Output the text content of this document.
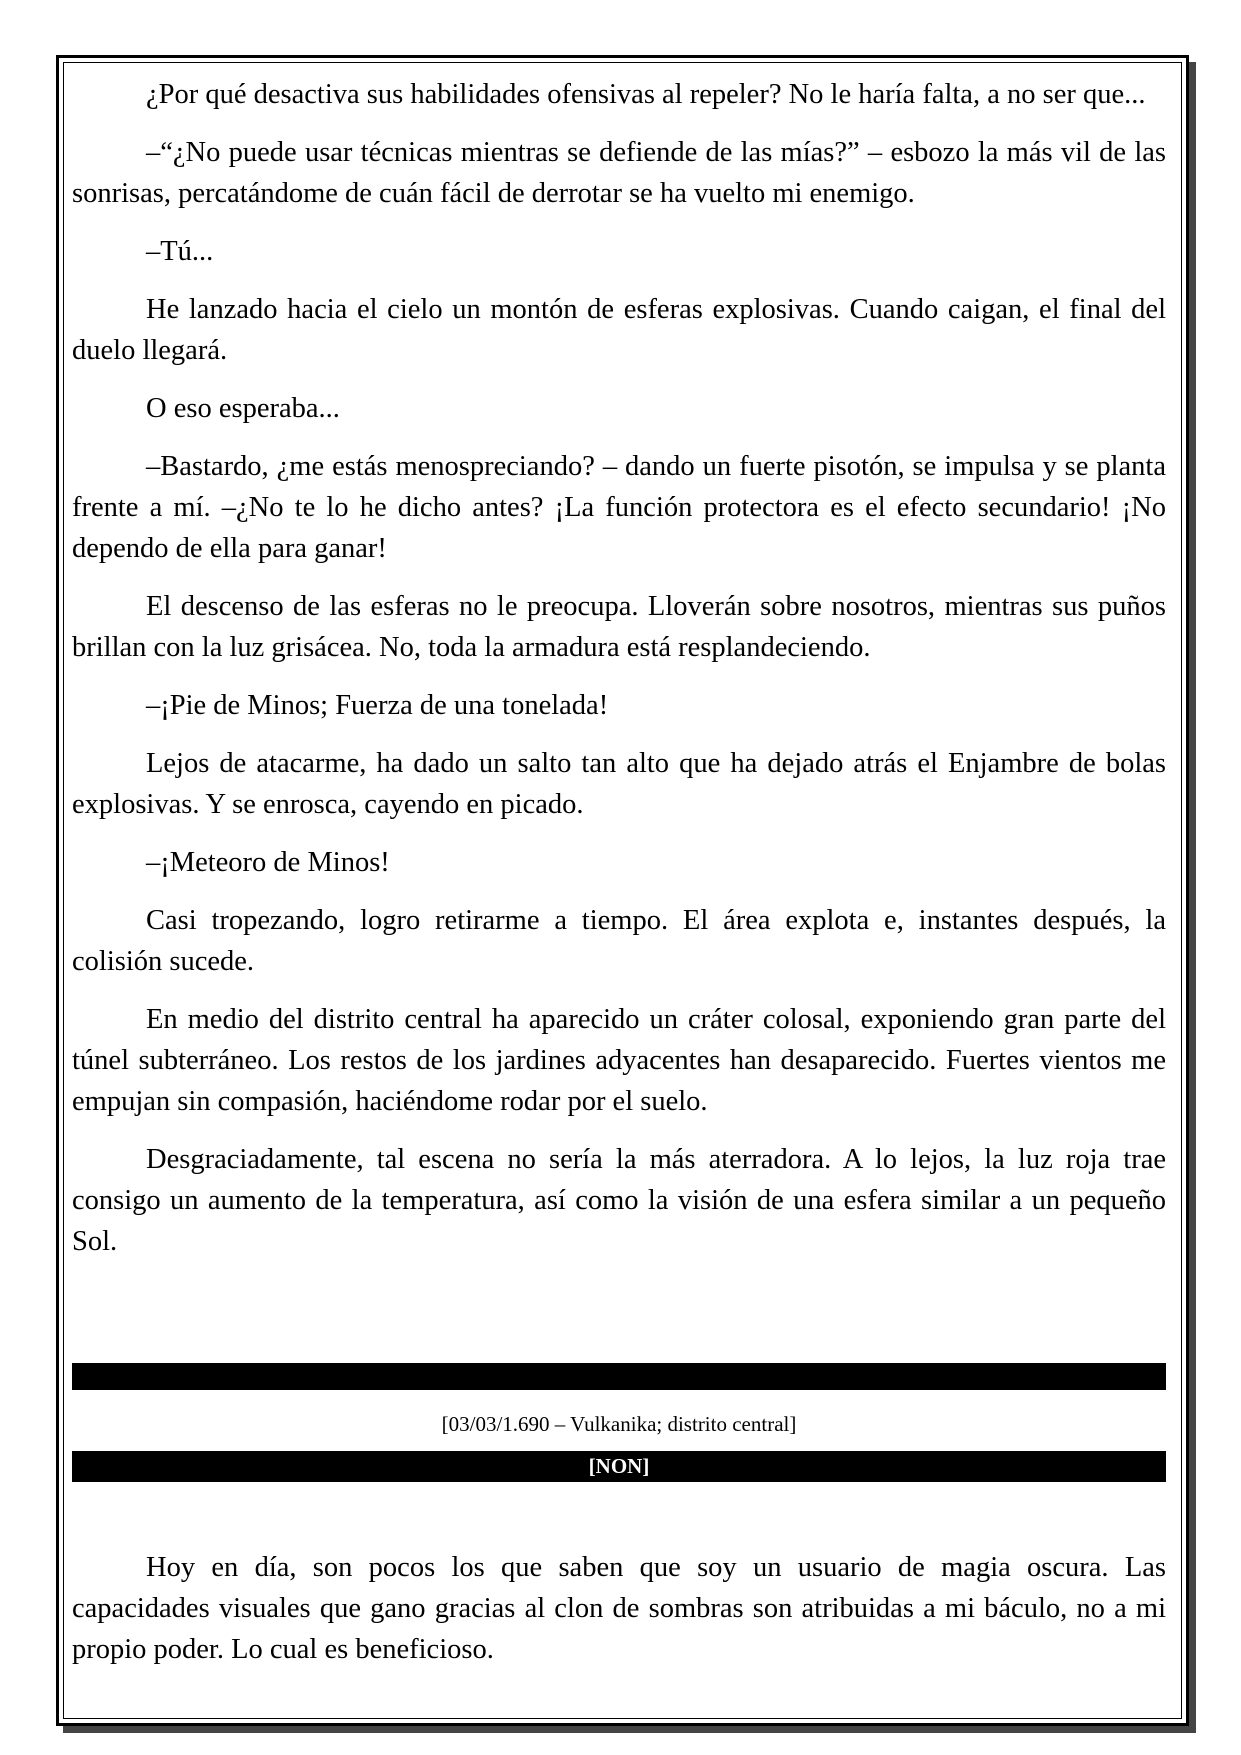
¿Por qué desactiva sus habilidades ofensivas al repeler? No le haría falta, a no ser que...

–“¿No puede usar técnicas mientras se defiende de las mías?” – esbozo la más vil de las sonrisas, percatándome de cuán fácil de derrotar se ha vuelto mi enemigo.

–Tú...

He lanzado hacia el cielo un montón de esferas explosivas. Cuando caigan, el final del duelo llegará.

O eso esperaba...

–Bastardo, ¿me estás menospreciando? – dando un fuerte pisotón, se impulsa y se planta frente a mí. –¿No te lo he dicho antes? ¡La función protectora es el efecto secundario! ¡No dependo de ella para ganar!

El descenso de las esferas no le preocupa. Lloverán sobre nosotros, mientras sus puños brillan con la luz grisácea. No, toda la armadura está resplandeciendo.

–¡Pie de Minos; Fuerza de una tonelada!

Lejos de atacarme, ha dado un salto tan alto que ha dejado atrás el Enjambre de bolas explosivas. Y se enrosca, cayendo en picado.

–¡Meteoro de Minos!

Casi tropezando, logro retirarme a tiempo. El área explota e, instantes después, la colisión sucede.

En medio del distrito central ha aparecido un cráter colosal, exponiendo gran parte del túnel subterráneo. Los restos de los jardines adyacentes han desaparecido. Fuertes vientos me empujan sin compasión, haciéndome rodar por el suelo.

Desgraciadamente, tal escena no sería la más aterradora. A lo lejos, la luz roja trae consigo un aumento de la temperatura, así como la visión de una esfera similar a un pequeño Sol.

[03/03/1.690 – Vulkanika; distrito central]
[NON]

Hoy en día, son pocos los que saben que soy un usuario de magia oscura. Las capacidades visuales que gano gracias al clon de sombras son atribuidas a mi báculo, no a mi propio poder. Lo cual es beneficioso.
